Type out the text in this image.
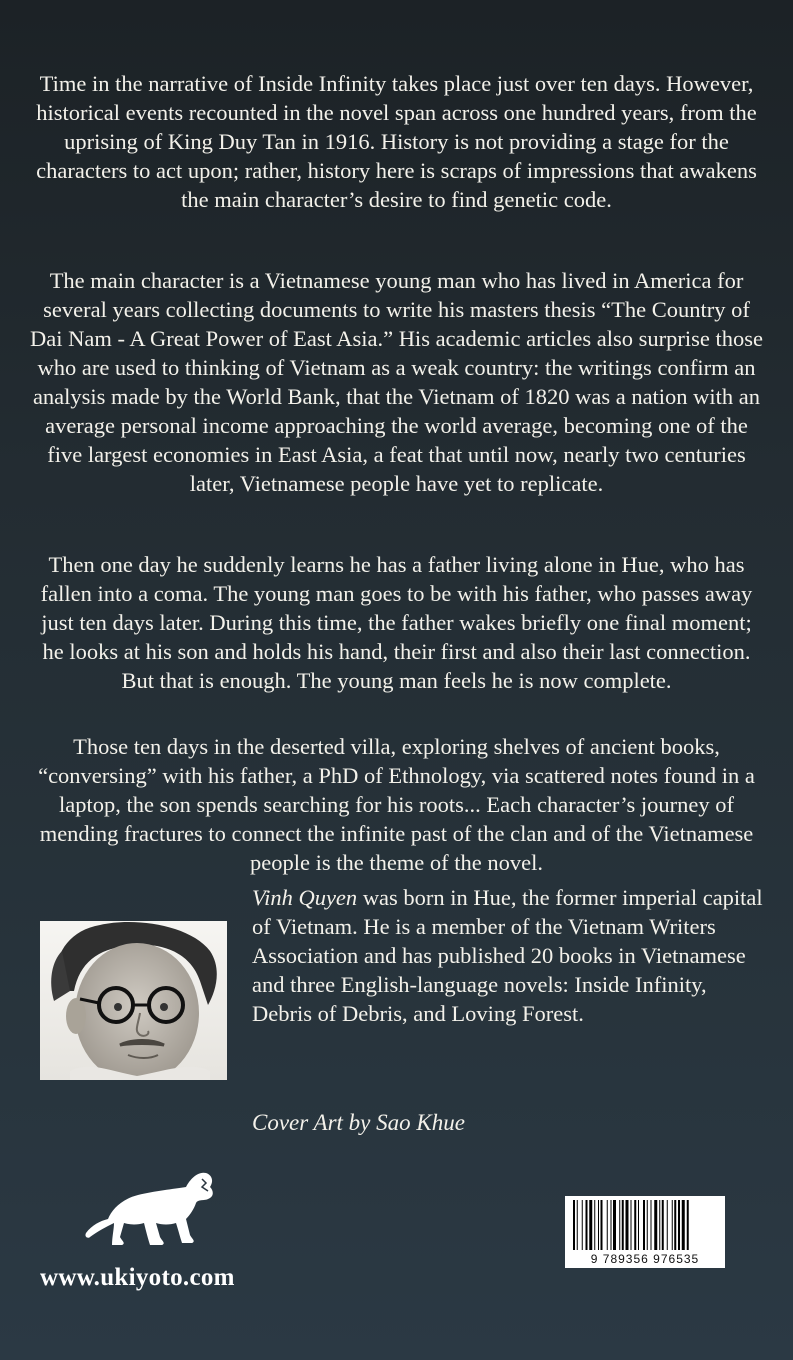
Time in the narrative of Inside Infinity takes place just over ten days. However, historical events recounted in the novel span across one hundred years, from the uprising of King Duy Tan in 1916. History is not providing a stage for the characters to act upon; rather, history here is scraps of impressions that awakens the main character’s desire to find genetic code.

The main character is a Vietnamese young man who has lived in America for several years collecting documents to write his masters thesis “The Country of Dai Nam - A Great Power of East Asia.” His academic articles also surprise those who are used to thinking of Vietnam as a weak country: the writings confirm an analysis made by the World Bank, that the Vietnam of 1820 was a nation with an average personal income approaching the world average, becoming one of the five largest economies in East Asia, a feat that until now, nearly two centuries later, Vietnamese people have yet to replicate.

Then one day he suddenly learns he has a father living alone in Hue, who has fallen into a coma. The young man goes to be with his father, who passes away just ten days later. During this time, the father wakes briefly one final moment; he looks at his son and holds his hand, their first and also their last connection. But that is enough. The young man feels he is now complete.

Those ten days in the deserted villa, exploring shelves of ancient books, “conversing” with his father, a PhD of Ethnology, via scattered notes found in a laptop, the son spends searching for his roots... Each character’s journey of mending fractures to connect the infinite past of the clan and of the Vietnamese people is the theme of the novel.

Vinh Quyen was born in Hue, the former imperial capital of Vietnam. He is a member of the Vietnam Writers Association and has published 20 books in Vietnamese and three English-language novels: Inside Infinity, Debris of Debris, and Loving Forest.

Cover Art by Sao Khue

www.ukiyoto.com

9 789356 976535
